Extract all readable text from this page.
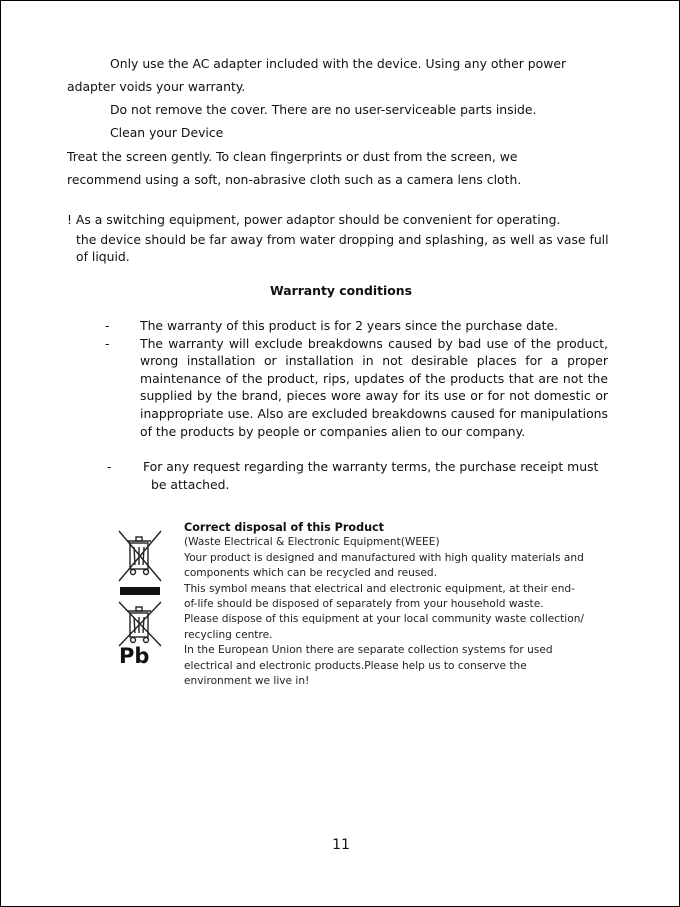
Only use the AC adapter included with the device. Using any other power
adapter voids your warranty.
Do not remove the cover. There are no user-serviceable parts inside.
Clean your Device
Treat the screen gently. To clean fingerprints or dust from the screen, we
recommend using a soft, non-abrasive cloth such as a camera lens cloth.
! As a switching equipment, power adaptor should be convenient for operating.
the device should be far away from water dropping and splashing, as well as vase full
of liquid.
Warranty conditions
-
-
-

The warranty of this product is for 2 years since the purchase date.

The warranty will exclude breakdowns caused by bad use of the product, wrong installation or installation in not desirable places for a proper maintenance of the product, rips, updates of the products that are not the supplied by the brand, pieces wore away for its use or for not domestic or inappropriate use. Also are excluded breakdowns caused for manipulations of the products by people or companies alien to our company.

For any request regarding the warranty terms, the purchase receipt must
be attached.
Pb
Correct disposal of this Product
(Waste Electrical & Electronic Equipment(WEEE)
Your product is designed and manufactured with high quality materials and
components which can be recycled and reused.
This symbol means that electrical and electronic equipment, at their end-
of-life should be disposed of separately from your household waste.
Please dispose of this equipment at your local community waste collection/
recycling centre.
In the European Union there are separate collection systems for used
electrical and electronic products.Please help us to conserve the
environment we live in!
11
